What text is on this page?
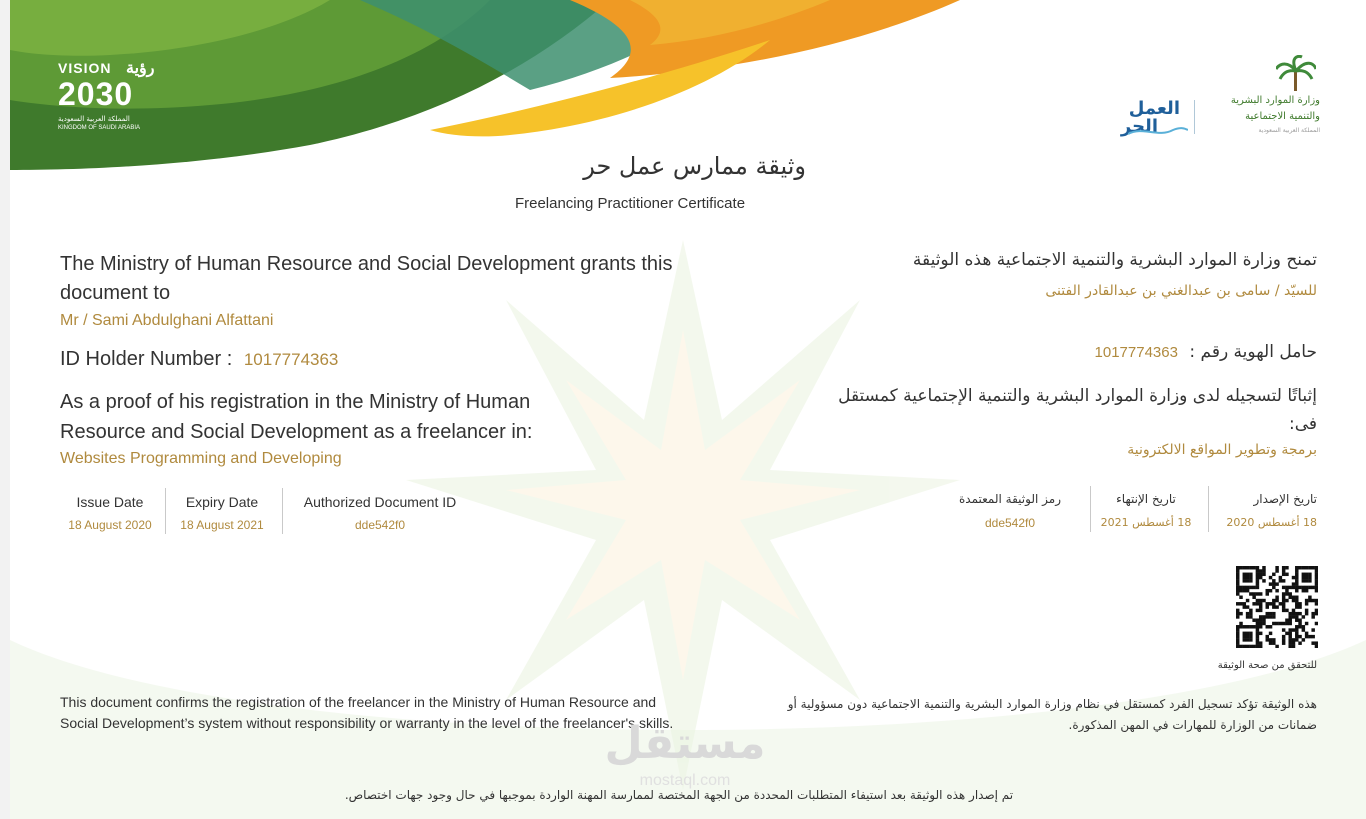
VISION رؤية
2030
المملكة العربية السعودية
KINGDOM OF SAUDI ARABIA
وزارة الموارد البشرية
والتنمية الاجتماعية
المملكة العربية السعودية
العمل
الحر
وثيقة ممارس عمل حر
Freelancing Practitioner Certificate
The Ministry of Human Resource and Social Development grants this document to
Mr / Sami Abdulghani Alfattani
ID Holder Number : 1017774363
As a proof of his registration in the Ministry of Human Resource and Social Development as a freelancer in:
Websites Programming and Developing
Issue Date
18 August 2020
Expiry Date
18 August 2021
Authorized Document ID
dde542f0
تمنح وزارة الموارد البشرية والتنمية الاجتماعية هذه الوثيقة
للسيّد / سامى بن عبدالغني بن عبدالقادر الفتنى
حامل الهوية رقم : 1017774363
إثباتًا لتسجيله لدى وزارة الموارد البشرية والتنمية الإجتماعية كمستقل فى:
برمجة وتطوير المواقع الالكترونية
تاريخ الإصدار
18 أغسطس 2020
تاريخ الإنتهاء
18 أغسطس 2021
رمز الوثيقة المعتمدة
dde542f0
للتحقق من صحة الوثيقة
This document confirms the registration of the freelancer in the Ministry of Human Resource and Social Development’s system without responsibility or warranty in the level of the freelancer's skills.
هذه الوثيقة تؤكد تسجيل الفرد كمستقل في نظام وزارة الموارد البشرية والتنمية الاجتماعية دون مسؤولية أو ضمانات من الوزارة للمهارات في المهن المذكورة.
مستقل
mostaql.com
تم إصدار هذه الوثيقة بعد استيفاء المتطلبات المحددة من الجهة المختصة لممارسة المهنة الواردة بموجبها في حال وجود جهات اختصاص.
